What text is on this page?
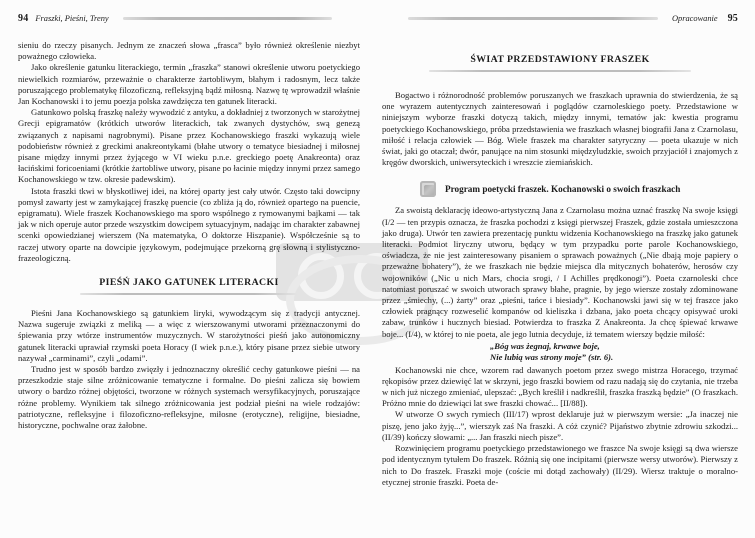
94 Fraszki, Pieśni, Treny

sieniu do rzeczy pisanych. Jednym ze znaczeń słowa „frasca” było również określenie niezbyt poważnego człowieka.

Jako określenie gatunku literackiego, termin „fraszka” stanowi określenie utworu poetyckiego niewielkich rozmiarów, przeważnie o charakterze żartobliwym, błahym i radosnym, lecz także poruszającego problematykę filozoficzną, refleksyjną bądź miłosną. Nazwę tę wprowadził właśnie Jan Kochanowski i to jemu poezja polska zawdzięcza ten gatunek literacki.

Gatunkowo polską fraszkę należy wywodzić z antyku, a dokładniej z tworzonych w starożytnej Grecji epigramatów (krótkich utworów literackich, tak zwanych dystychów, swą genezą związanych z napisami nagrobnymi). Pisane przez Kochanowskiego fraszki wykazują wiele podobieństw również z greckimi anakreontykami (błahe utwory o tematyce biesiadnej i miłosnej pisane między innymi przez żyjącego w VI wieku p.n.e. greckiego poetę Anakreonta) oraz łacińskimi foricoeniami (krótkie żartobliwe utwory, pisane po łacinie między innymi przez samego Kochanowskiego w tzw. okresie padewskim).

Istota fraszki tkwi w błyskotliwej idei, na której oparty jest cały utwór. Często taki dowcipny pomysł zawarty jest w zamykającej fraszkę puencie (co zbliża ją do, również opartego na puencie, epigramatu). Wiele fraszek Kochanowskiego ma sporo wspólnego z rymowanymi bajkami — tak jak w nich operuje autor przede wszystkim dowcipem sytuacyjnym, nadając im charakter zabawnej scenki opowiedzianej wierszem (Na matematyka, O doktorze Hiszpanie). Współcześnie są to raczej utwory oparte na dowcipie językowym, podejmujące przekorną grę słowną i stylistyczno-frazeologiczną.

PIEŚŃ JAKO GATUNEK LITERACKI

Pieśni Jana Kochanowskiego są gatunkiem liryki, wywodzącym się z tradycji antycznej. Nazwa sugeruje związki z meliką — a więc z wierszowanymi utworami przeznaczonymi do śpiewania przy wtórze instrumentów muzycznych. W starożytności pieśń jako autonomiczny gatunek literacki uprawiał rzymski poeta Horacy (I wiek p.n.e.), który pisane przez siebie utwory nazywał „carminami”, czyli „odami”.

Trudno jest w sposób bardzo zwięzły i jednoznaczny określić cechy gatunkowe pieśni — na przeszkodzie staje silne zróżnicowanie tematyczne i formalne. Do pieśni zalicza się bowiem utwory o bardzo różnej objętości, tworzone w różnych systemach wersyfikacyjnych, poruszające różne problemy. Wynikiem tak silnego zróżnicowania jest podział pieśni na wiele rodzajów: patriotyczne, refleksyjne i filozoficzno-refleksyjne, miłosne (erotyczne), religijne, biesiadne, historyczne, pochwalne oraz żałobne.

Opracowanie 95
ŚWIAT PRZEDSTAWIONY FRASZEK

Bogactwo i różnorodność problemów poruszanych we fraszkach uprawnia do stwierdzenia, że są one wyrazem autentycznych zainteresowań i poglądów czarnoleskiego poety. Przedstawione w niniejszym wyborze fraszki dotyczą takich, między innymi, tematów jak: kwestia programu poetyckiego Kochanowskiego, próba przedstawienia we fraszkach własnej biografii Jana z Czarnolasu, miłość i relacja człowiek — Bóg. Wiele fraszek ma charakter satyryczny — poeta ukazuje w nich świat, jaki go otaczał; dwór, panujące na nim stosunki międzyludzkie, swoich przyjaciół i znajomych z kręgów dworskich, uniwersyteckich i wreszcie ziemiańskich.

Program poetycki fraszek. Kochanowski o swoich fraszkach

Za swoistą deklarację ideowo-artystyczną Jana z Czarnolasu można uznać fraszkę Na swoje księgi (I/2 — ten przypis oznacza, że fraszka pochodzi z księgi pierwszej Fraszek, gdzie została umieszczona jako druga). Utwór ten zawiera prezentację punktu widzenia Kochanowskiego na fraszkę jako gatunek literacki. Podmiot liryczny utworu, będący w tym przypadku porte parole Kochanowskiego, oświadcza, że nie jest zainteresowany pisaniem o sprawach poważnych („Nie dbają moje papiery o przeważne bohatery”), że we fraszkach nie będzie miejsca dla mitycznych bohaterów, herosów czy wojowników („Nic u nich Mars, chocia srogi, / I Achilles prędkonogi”). Poeta czarnoleski chce natomiast poruszać w swoich utworach sprawy błahe, pragnie, by jego wiersze zostały zdominowane przez „śmiechy, (...) żarty” oraz „pieśni, tańce i biesiady”. Kochanowski jawi się w tej fraszce jako człowiek pragnący rozweselić kompanów od kieliszka i dzbana, jako poeta chcący opisywać uroki zabaw, trunków i hucznych biesiad. Potwierdza to fraszka Z Anakreonta. Ja chcę śpiewać krwawe boje... (I/4), w której to nie poeta, ale jego lutnia decyduje, iż tematem wierszy będzie miłość:

„Bóg was żegnaj, krwawe boje,
Nie lubią was strony moje” (str. 6).

Kochanowski nie chce, wzorem rad dawanych poetom przez swego mistrza Horacego, trzymać rękopisów przez dziewięć lat w skrzyni, jego fraszki bowiem od razu nadają się do czytania, nie trzeba w nich już niczego zmieniać, ulepszać: „Bych kreślił i nadkreślił, fraszka fraszką będzie” (O fraszkach. Próżno mnie do dziewiąci lat swe fraszki chować... [II/88]).

W utworze O swych rymiech (III/17) wprost deklaruje już w pierwszym wersie: „Ja inaczej nie piszę, jeno jako żyję...”, wierszyk zaś Na fraszki. A cóż czynić? Pijaństwo zbytnie zdrowiu szkodzi... (II/39) kończy słowami: „... Jan fraszki niech pisze”.

Rozwinięciem programu poetyckiego przedstawionego we fraszce Na swoje księgi są dwa wiersze pod identycznym tytułem Do fraszek. Różnią się one incipitami (pierwsze wersy utworów). Pierwszy z nich to Do fraszek. Fraszki moje (coście mi dotąd zachowały) (II/29). Wiersz traktuje o moralno-etycznej stronie fraszki. Poeta de-
